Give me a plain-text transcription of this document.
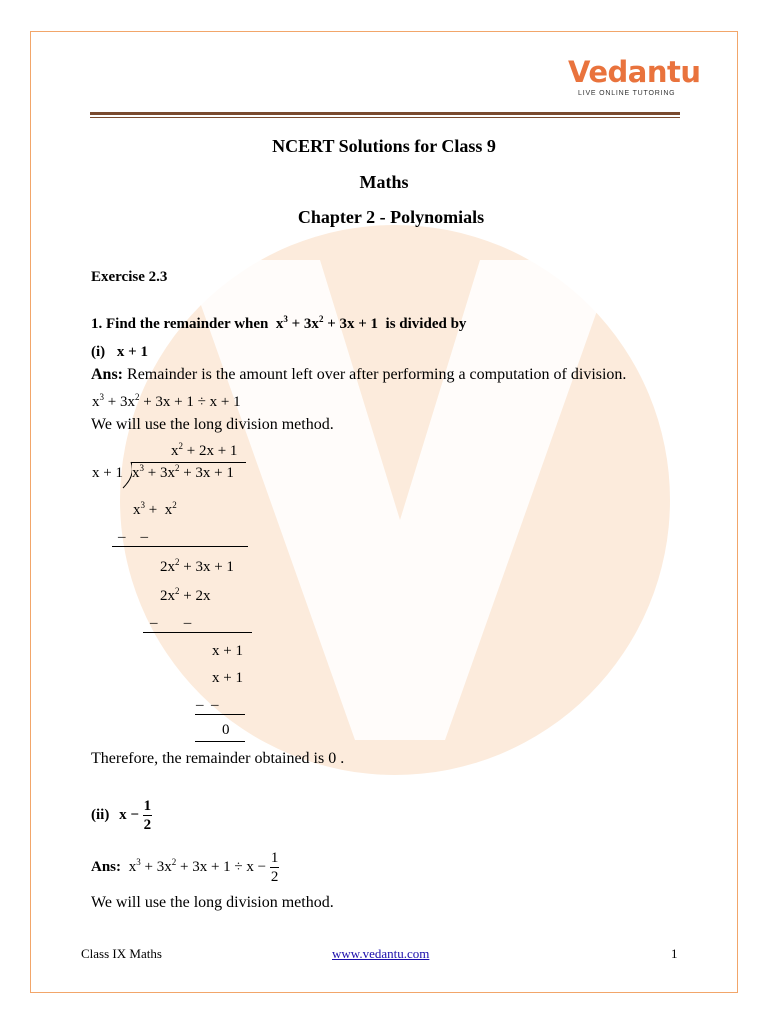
Vedantu
LIVE ONLINE TUTORING
NCERT Solutions for Class 9
Maths
Chapter 2 - Polynomials
Exercise 2.3
1. Find the remainder when  $x^3 + 3x^2 + 3x + 1$  is divided by
(i) x + 1
Ans: Remainder is the amount left over after performing a computation of division.
$x^3 + 3x^2 + 3x + 1 \div x + 1$
We will use the long division method.
$x^2 + 2x + 1$
x + 1 $x^3 + 3x^2 + 3x + 1$
$x^3 + x^2$
–    –
$2x^2 + 3x + 1$
$2x^2 + 2x$
–       –
x + 1
x + 1
–  –
0
Therefore, the remainder obtained is 0 .
(ii) $x - \frac{1}{2}$
Ans: $x^3 + 3x^2 + 3x + 1 \div x - \frac{1}{2}$
We will use the long division method.
Class IX Maths	www.vedantu.com	1
